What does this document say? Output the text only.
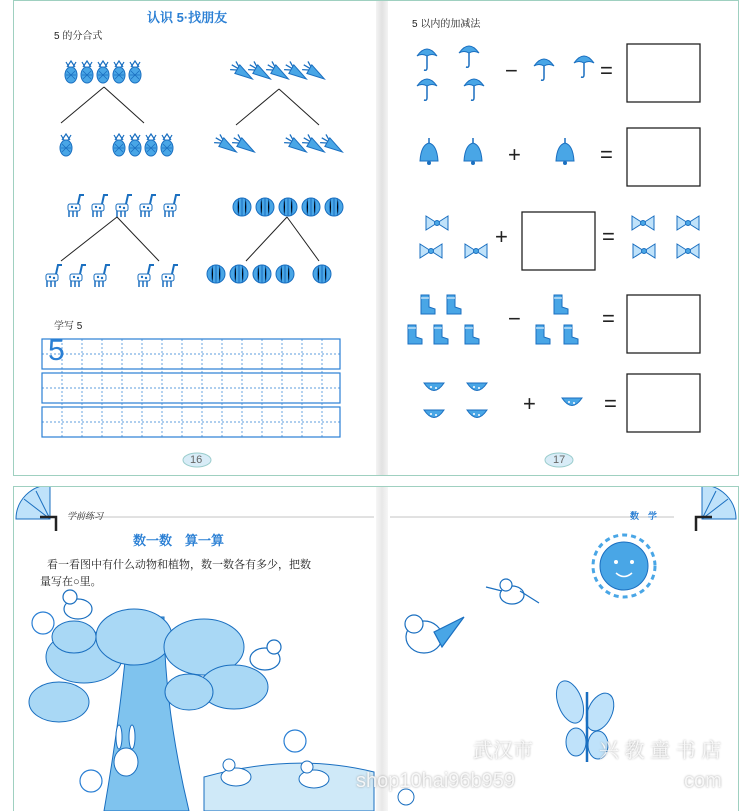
认识 5·找朋友
5 的分合式
学写 5
5
16
5 以内的加减法
−	=
+	=
+	=
−	=
+	=
17
学前练习	数　学
数一数　算一算
看一看图中有什么动物和植物，数一数各有多少，把数
量写在○里。
武汉市	兴 教 童 书 店
shop10hai96b959	com
